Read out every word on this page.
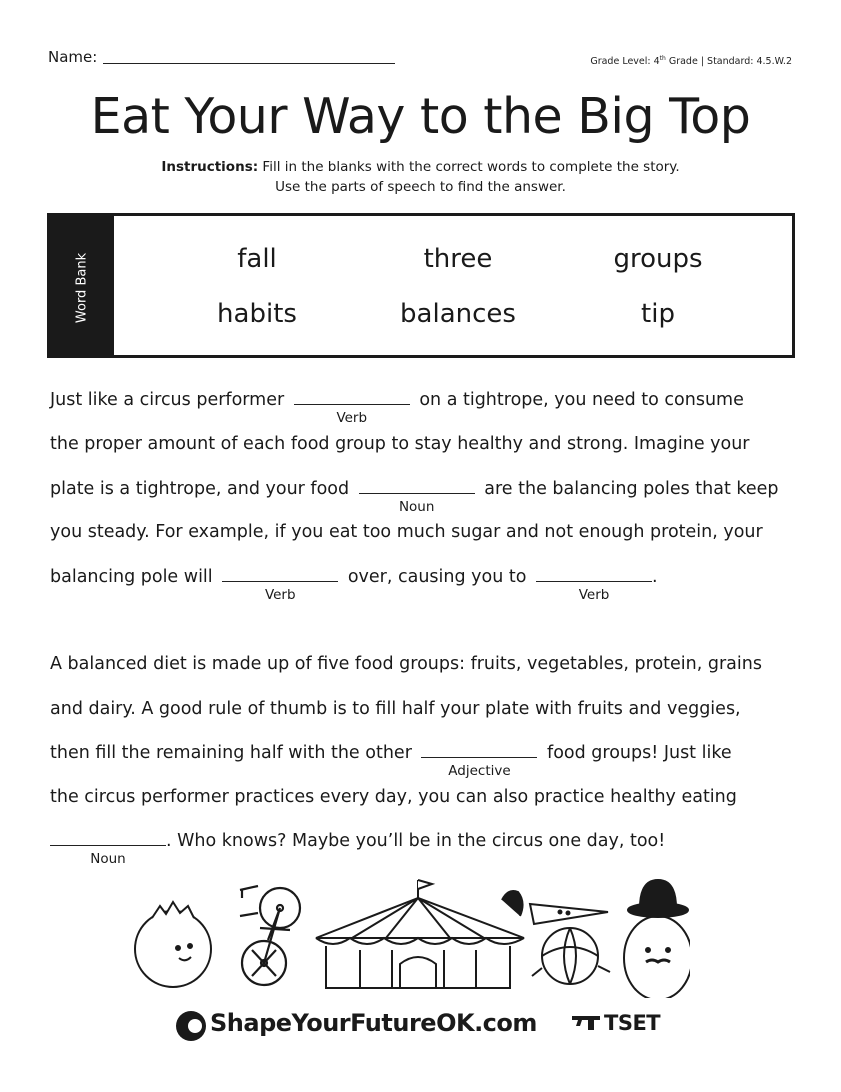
Name:	Grade Level: 4th Grade | Standard: 4.5.W.2
Eat Your Way to the Big Top
Instructions: Fill in the blanks with the correct words to complete the story.
Use the parts of speech to find the answer.
Word Bank	fall	three	groups
habits	balances	tip
Just like a circus performer
Verb
on a tightrope, you need to consume
the proper amount of each food group to stay healthy and strong. Imagine your
plate is a tightrope, and your food
Noun
are the balancing poles that keep
you steady. For example, if you eat too much sugar and not enough protein, your
balancing pole will
Verb
over, causing you to
Verb
.
A balanced diet is made up of five food groups: fruits, vegetables, protein, grains
and dairy. A good rule of thumb is to fill half your plate with fruits and veggies,
then fill the remaining half with the other
Adjective
food groups! Just like
the circus performer practices every day, you can also practice healthy eating
Noun
. Who knows? Maybe you’ll be in the circus one day, too!
ShapeYourFutureOK.com	TSET
